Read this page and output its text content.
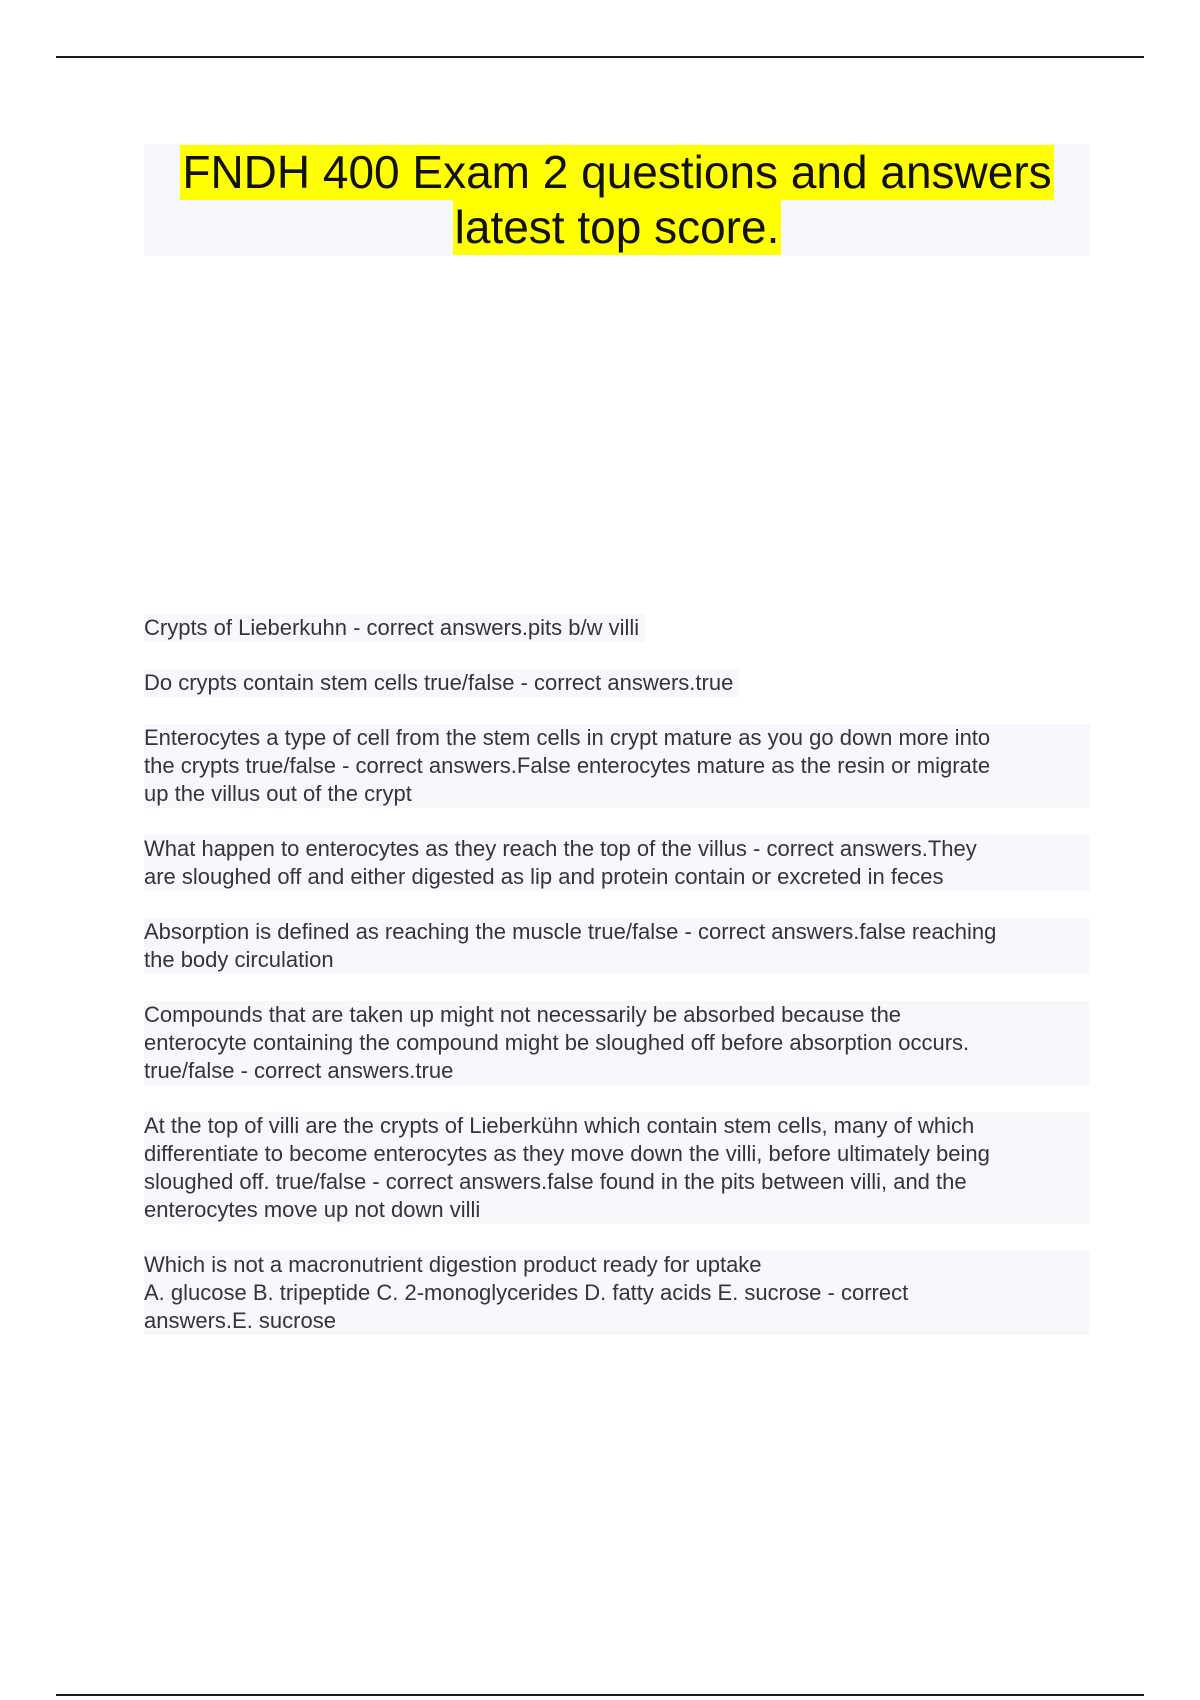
FNDH 400 Exam 2 questions and answers
latest top score.
Crypts of Lieberkuhn - correct answers.pits b/w villi
Do crypts contain stem cells true/false - correct answers.true
Enterocytes a type of cell from the stem cells in crypt mature as you go down more into
the crypts true/false - correct answers.False enterocytes mature as the resin or migrate
up the villus out of the crypt
What happen to enterocytes as they reach the top of the villus - correct answers.They
are sloughed off and either digested as lip and protein contain or excreted in feces
Absorption is defined as reaching the muscle true/false - correct answers.false reaching
the body circulation
Compounds that are taken up might not necessarily be absorbed because the
enterocyte containing the compound might be sloughed off before absorption occurs.
true/false - correct answers.true
At the top of villi are the crypts of Lieberkühn which contain stem cells, many of which
differentiate to become enterocytes as they move down the villi, before ultimately being
sloughed off. true/false - correct answers.false found in the pits between villi, and the
enterocytes move up not down villi
Which is not a macronutrient digestion product ready for uptake
A. glucose B. tripeptide C. 2-monoglycerides D. fatty acids E. sucrose - correct
answers.E. sucrose
